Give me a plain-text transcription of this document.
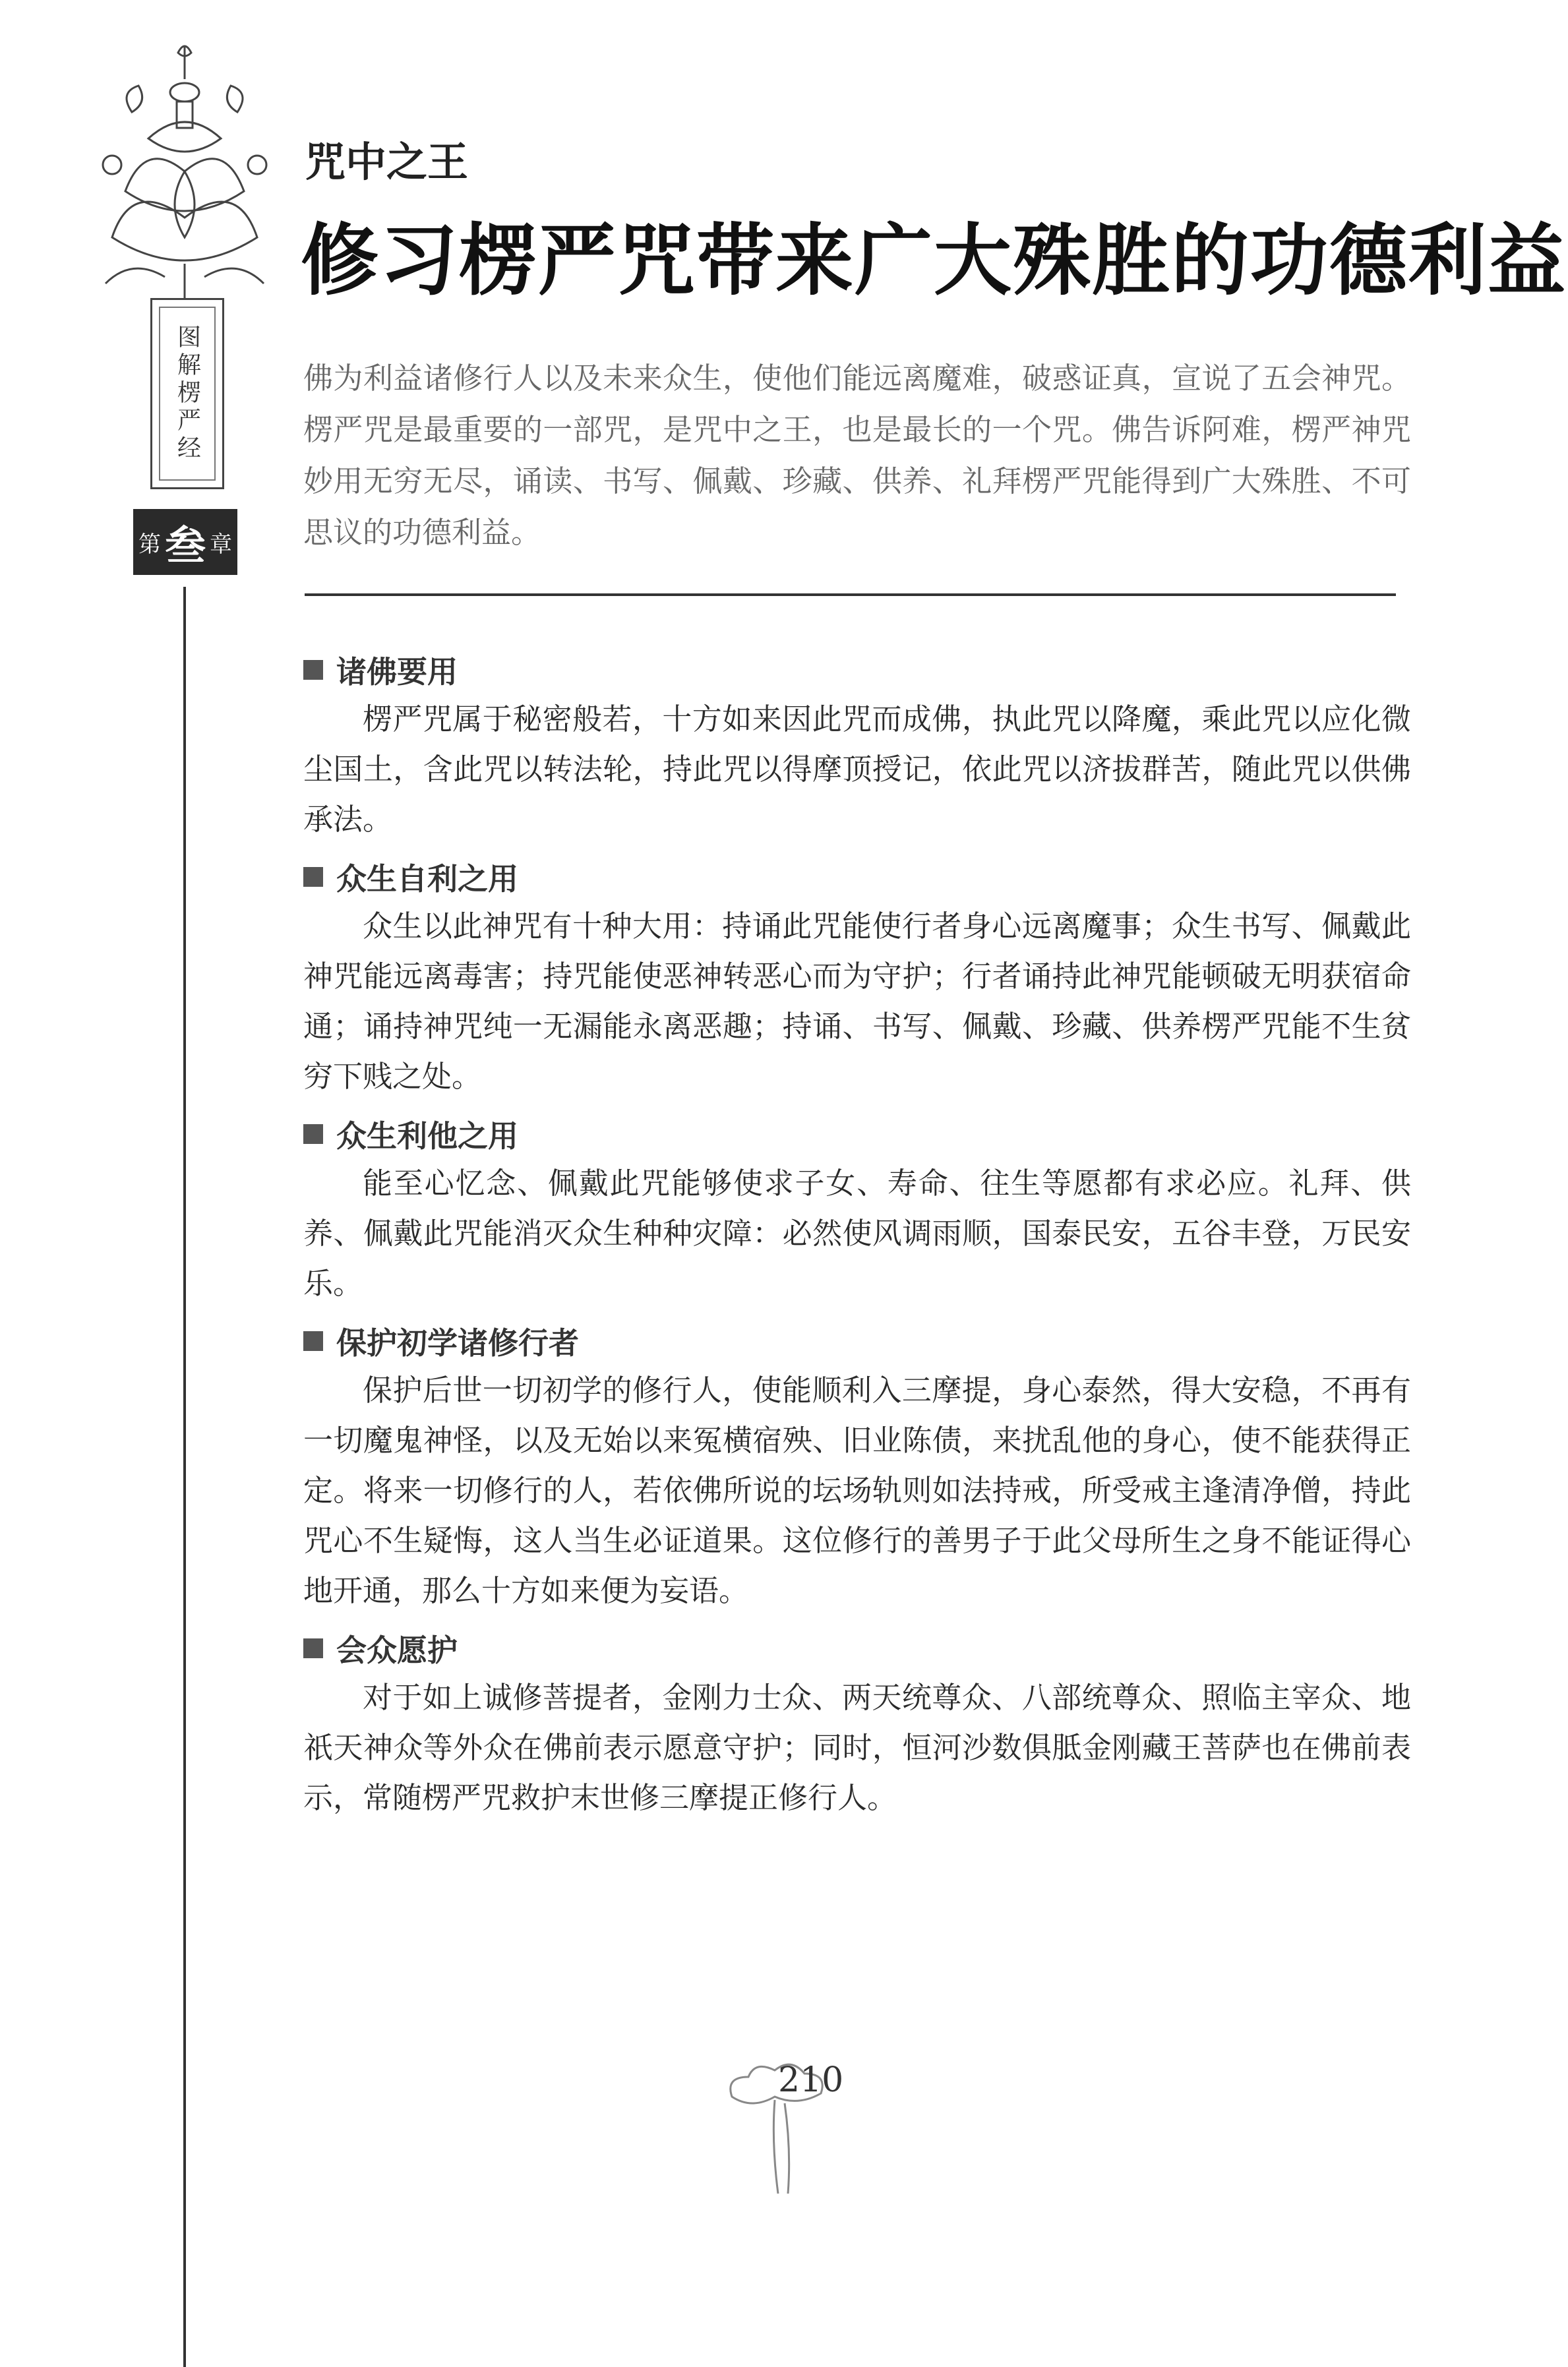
图解楞严经
第 叁 章
咒中之王
修习楞严咒带来广大殊胜的功德利益
佛为利益诸修行人以及未来众生，使他们能远离魔难，破惑证真，宣说了五会神咒。楞严咒是最重要的一部咒，是咒中之王，也是最长的一个咒。佛告诉阿难，楞严神咒妙用无穷无尽，诵读、书写、佩戴、珍藏、供养、礼拜楞严咒能得到广大殊胜、不可思议的功德利益。
诸佛要用

楞严咒属于秘密般若，十方如来因此咒而成佛，执此咒以降魔，乘此咒以应化微尘国土，含此咒以转法轮，持此咒以得摩顶授记，依此咒以济拔群苦，随此咒以供佛承法。

众生自利之用

众生以此神咒有十种大用：持诵此咒能使行者身心远离魔事；众生书写、佩戴此神咒能远离毒害；持咒能使恶神转恶心而为守护；行者诵持此神咒能顿破无明获宿命通；诵持神咒纯一无漏能永离恶趣；持诵、书写、佩戴、珍藏、供养楞严咒能不生贫穷下贱之处。

众生利他之用

能至心忆念、佩戴此咒能够使求子女、寿命、往生等愿都有求必应。礼拜、供养、佩戴此咒能消灭众生种种灾障：必然使风调雨顺，国泰民安，五谷丰登，万民安乐。

保护初学诸修行者

保护后世一切初学的修行人，使能顺利入三摩提，身心泰然，得大安稳，不再有一切魔鬼神怪，以及无始以来冤横宿殃、旧业陈债，来扰乱他的身心，使不能获得正定。将来一切修行的人，若依佛所说的坛场轨则如法持戒，所受戒主逢清净僧，持此咒心不生疑悔，这人当生必证道果。这位修行的善男子于此父母所生之身不能证得心地开通，那么十方如来便为妄语。

会众愿护

对于如上诚修菩提者，金刚力士众、两天统尊众、八部统尊众、照临主宰众、地祇天神众等外众在佛前表示愿意守护；同时，恒河沙数俱胝金刚藏王菩萨也在佛前表示，常随楞严咒救护末世修三摩提正修行人。

210
